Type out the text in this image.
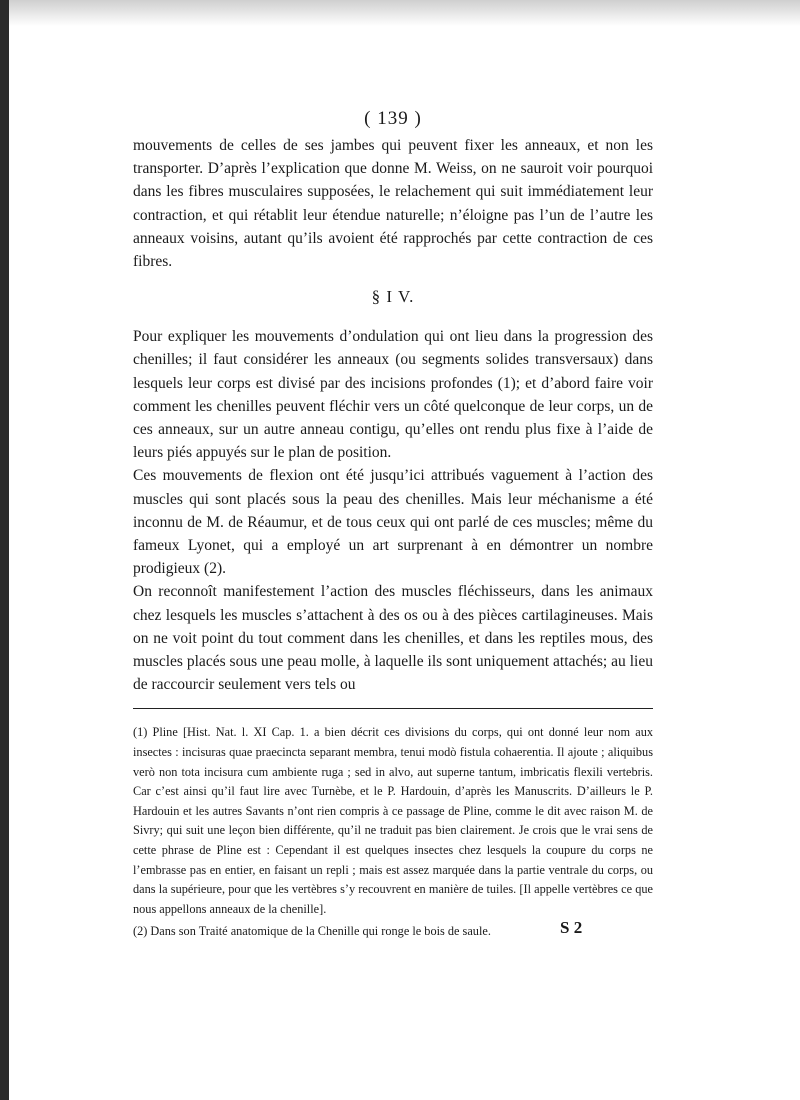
( 139 )

mouvements de celles de ses jambes qui peuvent fixer les anneaux, et non les transporter. D’après l’explication que donne M. Weiss, on ne sauroit voir pourquoi dans les fibres musculaires supposées, le relachement qui suit immédiatement leur contraction, et qui rétablit leur étendue naturelle; n’éloigne pas l’un de l’autre les anneaux voisins, autant qu’ils avoient été rapprochés par cette contraction de ces fibres.

§ I V.

Pour expliquer les mouvements d’ondulation qui ont lieu dans la progression des chenilles; il faut considérer les anneaux (ou segments solides transversaux) dans lesquels leur corps est divisé par des incisions profondes (1); et d’abord faire voir comment les chenilles peuvent fléchir vers un côté quelconque de leur corps, un de ces anneaux, sur un autre anneau contigu, qu’elles ont rendu plus fixe à l’aide de leurs piés appuyés sur le plan de position.

Ces mouvements de flexion ont été jusqu’ici attribués vaguement à l’action des muscles qui sont placés sous la peau des chenilles. Mais leur méchanisme a été inconnu de M. de Réaumur, et de tous ceux qui ont parlé de ces muscles; même du fameux Lyonet, qui a employé un art surprenant à en démontrer un nombre prodigieux (2).

On reconnoît manifestement l’action des muscles fléchisseurs, dans les animaux chez lesquels les muscles s’attachent à des os ou à des pièces cartilagineuses. Mais on ne voit point du tout comment dans les chenilles, et dans les reptiles mous, des muscles placés sous une peau molle, à laquelle ils sont uniquement attachés; au lieu de raccourcir seulement vers tels ou

(1) Pline [Hist. Nat. l. XI Cap. 1. a bien décrit ces divisions du corps, qui ont donné leur nom aux insectes : incisuras quae praecincta separant membra, tenui modò fistula cohaerentia. Il ajoute ; aliquibus verò non tota incisura cum ambiente ruga ; sed in alvo, aut superne tantum, imbricatis flexili vertebris. Car c’est ainsi qu’il faut lire avec Turnèbe, et le P. Hardouin, d’après les Manuscrits. D’ailleurs le P. Hardouin et les autres Savants n’ont rien compris à ce passage de Pline, comme le dit avec raison M. de Sivry; qui suit une leçon bien différente, qu’il ne traduit pas bien clairement. Je crois que le vrai sens de cette phrase de Pline est : Cependant il est quelques insectes chez lesquels la coupure du corps ne l’embrasse pas en entier, en faisant un repli ; mais est assez marquée dans la partie ventrale du corps, ou dans la supérieure, pour que les vertèbres s’y recouvrent en manière de tuiles. [Il appelle vertèbres ce que nous appellons anneaux de la chenille].

(2) Dans son Traité anatomique de la Chenille qui ronge le bois de saule.	S 2
